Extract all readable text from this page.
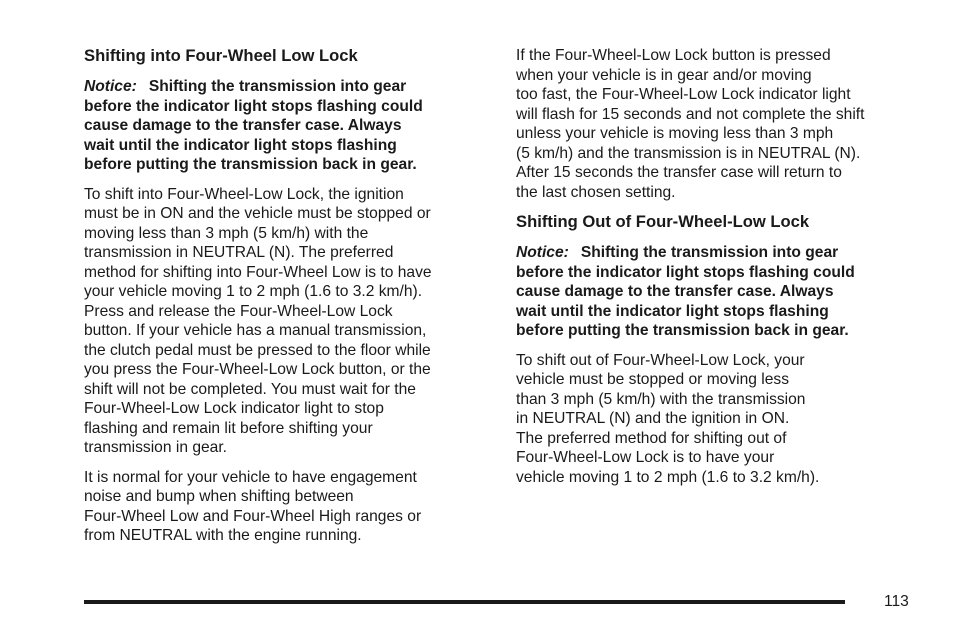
Shifting into Four-Wheel Low Lock
Notice: Shifting the transmission into gear
before the indicator light stops flashing could
cause damage to the transfer case. Always
wait until the indicator light stops flashing
before putting the transmission back in gear.

To shift into Four-Wheel-Low Lock, the ignition
must be in ON and the vehicle must be stopped or
moving less than 3 mph (5 km/h) with the
transmission in NEUTRAL (N). The preferred
method for shifting into Four-Wheel Low is to have
your vehicle moving 1 to 2 mph (1.6 to 3.2 km/h).
Press and release the Four-Wheel-Low Lock
button. If your vehicle has a manual transmission,
the clutch pedal must be pressed to the floor while
you press the Four-Wheel-Low Lock button, or the
shift will not be completed. You must wait for the
Four-Wheel-Low Lock indicator light to stop
flashing and remain lit before shifting your
transmission in gear.

It is normal for your vehicle to have engagement
noise and bump when shifting between
Four-Wheel Low and Four-Wheel High ranges or
from NEUTRAL with the engine running.

If the Four-Wheel-Low Lock button is pressed
when your vehicle is in gear and/or moving
too fast, the Four-Wheel-Low Lock indicator light
will flash for 15 seconds and not complete the shift
unless your vehicle is moving less than 3 mph
(5 km/h) and the transmission is in NEUTRAL (N).
After 15 seconds the transfer case will return to
the last chosen setting.

Shifting Out of Four-Wheel-Low Lock
Notice: Shifting the transmission into gear
before the indicator light stops flashing could
cause damage to the transfer case. Always
wait until the indicator light stops flashing
before putting the transmission back in gear.

To shift out of Four-Wheel-Low Lock, your
vehicle must be stopped or moving less
than 3 mph (5 km/h) with the transmission
in NEUTRAL (N) and the ignition in ON.
The preferred method for shifting out of
Four-Wheel-Low Lock is to have your
vehicle moving 1 to 2 mph (1.6 to 3.2 km/h).

113
